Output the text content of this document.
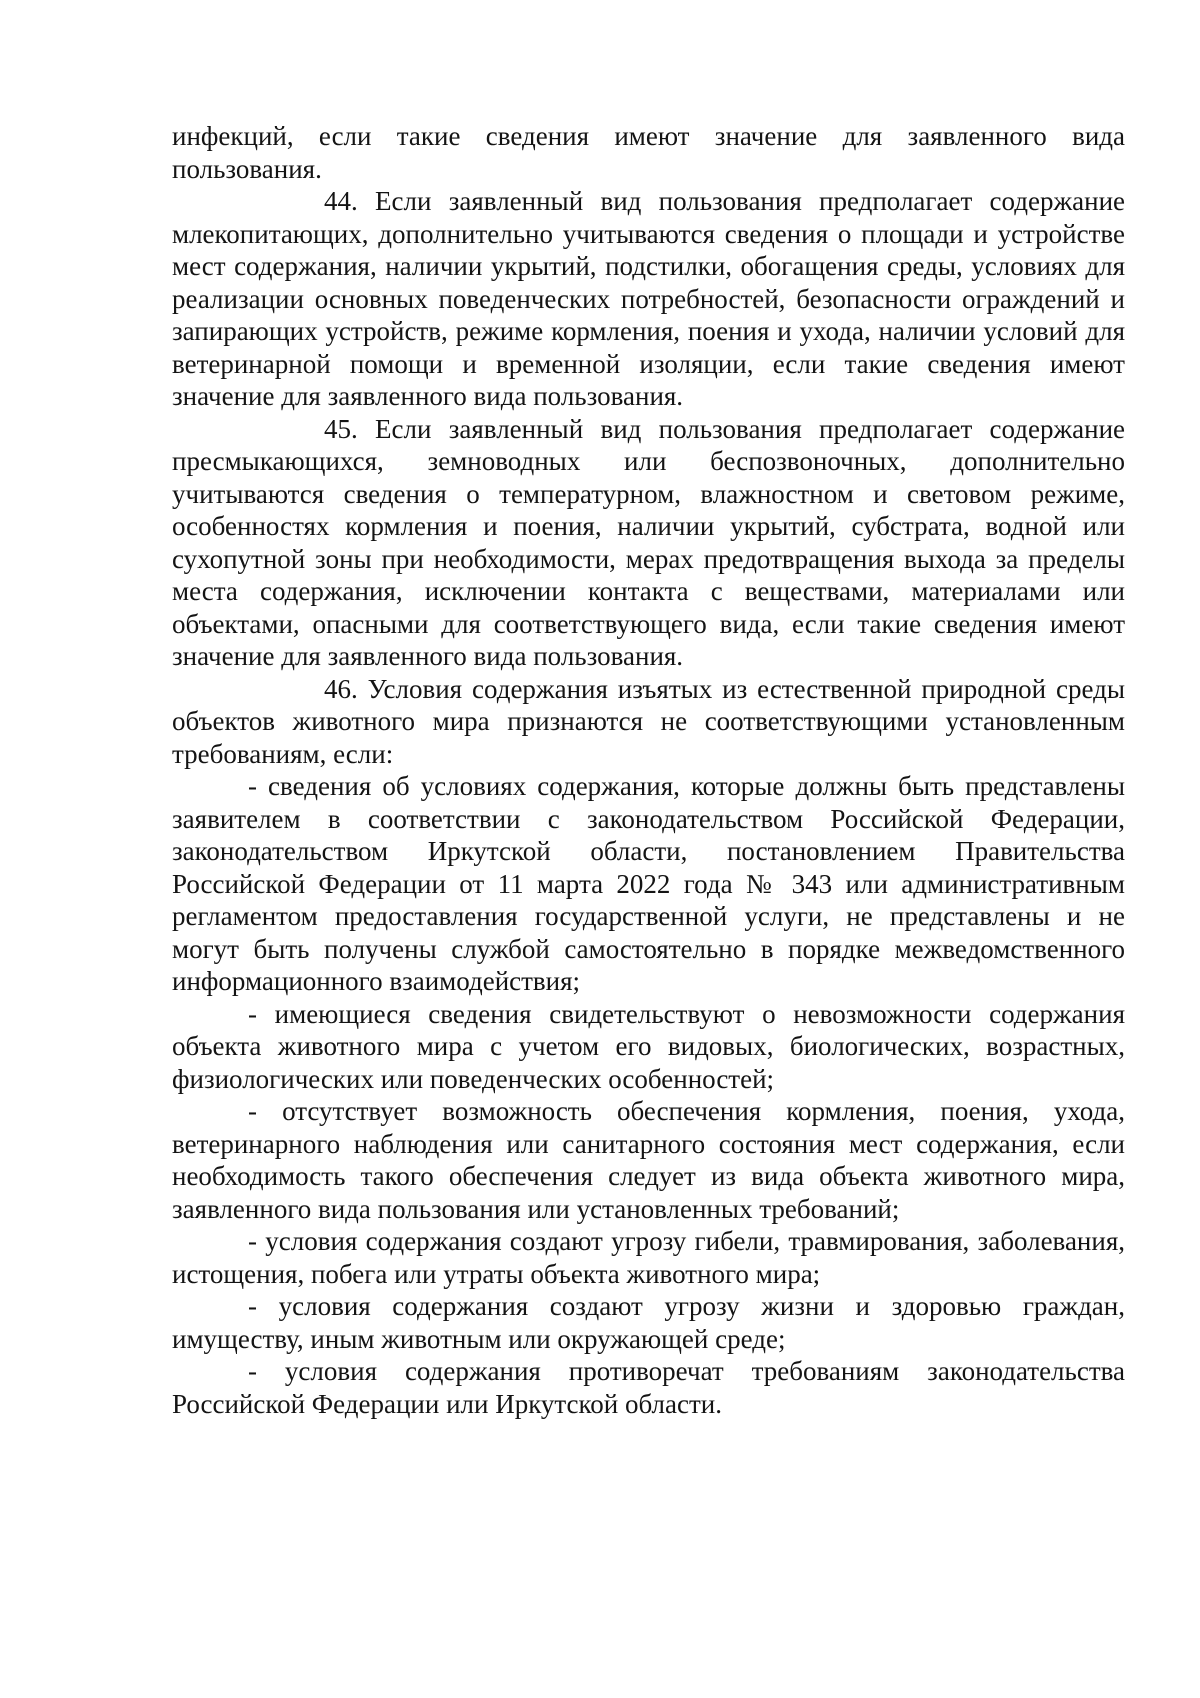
инфекций, если такие сведения имеют значение для заявленного вида пользования.

44. Если заявленный вид пользования предполагает содержание млекопитающих, дополнительно учитываются сведения о площади и устройстве мест содержания, наличии укрытий, подстилки, обогащения среды, условиях для реализации основных поведенческих потребностей, безопасности ограждений и запирающих устройств, режиме кормления, поения и ухода, наличии условий для ветеринарной помощи и временной изоляции, если такие сведения имеют значение для заявленного вида пользования.

45. Если заявленный вид пользования предполагает содержание пресмыкающихся, земноводных или беспозвоночных, дополнительно учитываются сведения о температурном, влажностном и световом режиме, особенностях кормления и поения, наличии укрытий, субстрата, водной или сухопутной зоны при необходимости, мерах предотвращения выхода за пределы места содержания, исключении контакта с веществами, материалами или объектами, опасными для соответствующего вида, если такие сведения имеют значение для заявленного вида пользования.

46. Условия содержания изъятых из естественной природной среды объектов животного мира признаются не соответствующими установленным требованиям, если:

- сведения об условиях содержания, которые должны быть представлены заявителем в соответствии с законодательством Российской Федерации, законодательством Иркутской области, постановлением Правительства Российской Федерации от 11 марта 2022 года № 343 или административным регламентом предоставления государственной услуги, не представлены и не могут быть получены службой самостоятельно в порядке межведомственного информационного взаимодействия;

- имеющиеся сведения свидетельствуют о невозможности содержания объекта животного мира с учетом его видовых, биологических, возрастных, физиологических или поведенческих особенностей;

- отсутствует возможность обеспечения кормления, поения, ухода, ветеринарного наблюдения или санитарного состояния мест содержания, если необходимость такого обеспечения следует из вида объекта животного мира, заявленного вида пользования или установленных требований;

- условия содержания создают угрозу гибели, травмирования, заболевания, истощения, побега или утраты объекта животного мира;

- условия содержания создают угрозу жизни и здоровью граждан, имуществу, иным животным или окружающей среде;

- условия содержания противоречат требованиям законодательства Российской Федерации или Иркутской области.
